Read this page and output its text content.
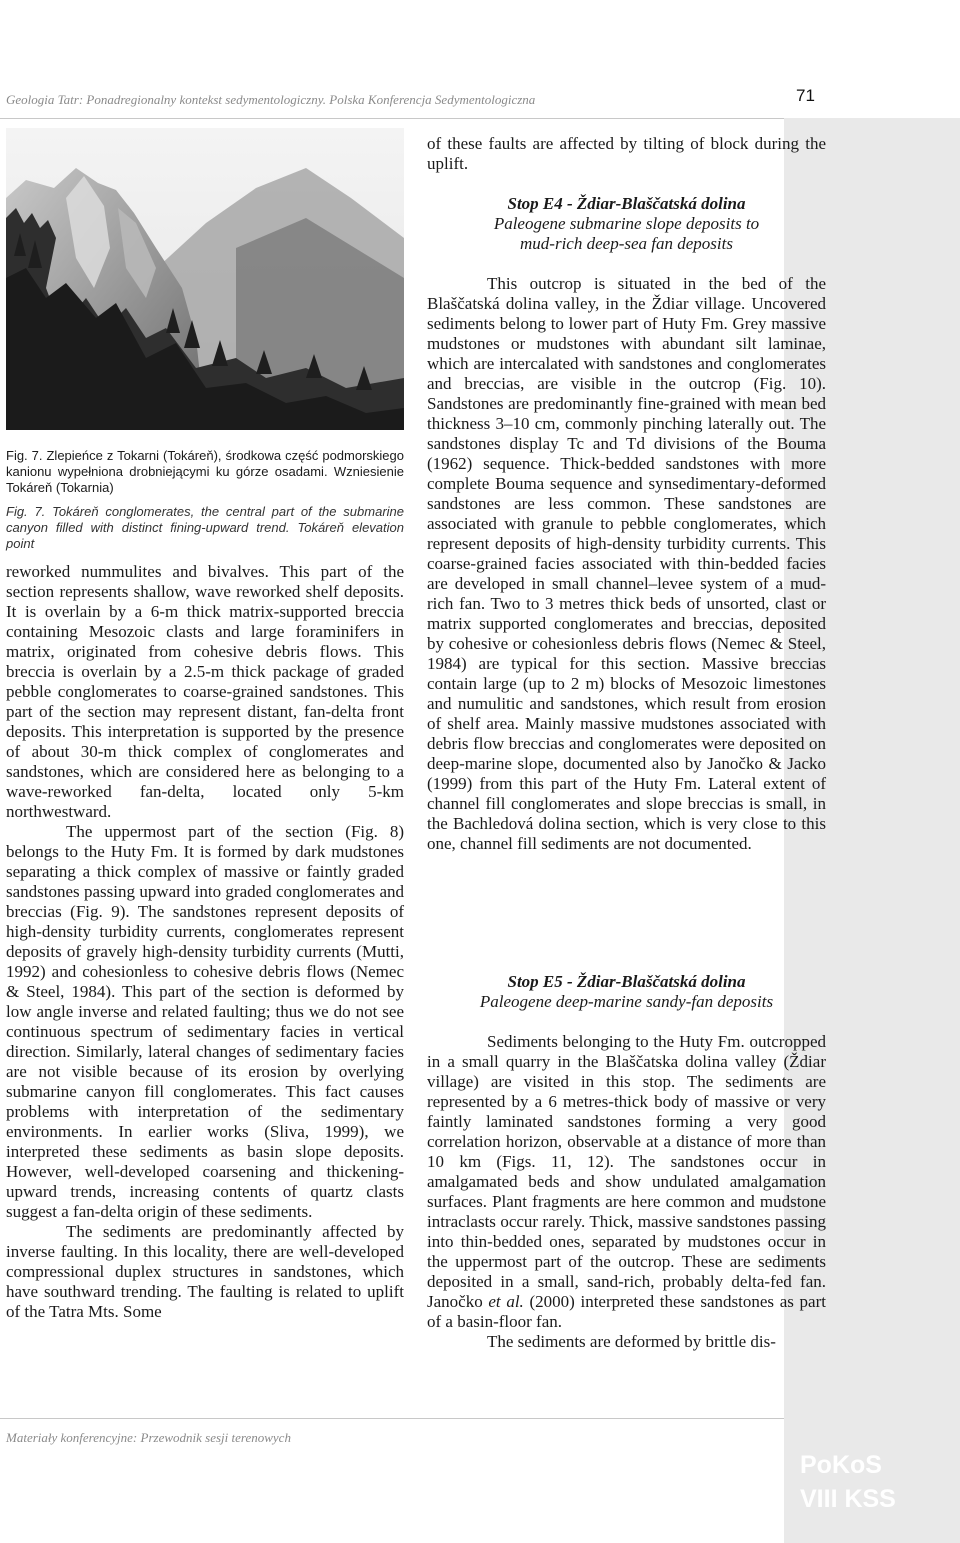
Geologia Tatr: Ponadregionalny kontekst sedymentologiczny. Polska Konferencja Sedymentologiczna	71

Fig. 7. Zlepieńce z Tokarni (Tokáreň), środkowa część podmorskiego kanionu wypełniona drobniejącymi ku górze osadami. Wzniesienie Tokáreň (Tokarnia)

Fig. 7. Tokáreň conglomerates, the central part of the submarine canyon filled with distinct fining-upward trend. Tokáreň elevation point

reworked nummulites and bivalves. This part of the section represents shallow, wave reworked shelf deposits. It is overlain by a 6-m thick matrix-supported breccia containing Mesozoic clasts and large foraminifers in matrix, originated from cohesive debris flows. This breccia is overlain by a 2.5-m thick package of graded pebble conglomerates to coarse-grained sandstones. This part of the section may represent distant, fan-delta front deposits. This interpretation is supported by the presence of about 30-m thick complex of conglomerates and sandstones, which are considered here as belonging to a wave-reworked fan-delta, located only 5-km northwestward.

The uppermost part of the section (Fig. 8) belongs to the Huty Fm. It is formed by dark mudstones separating a thick complex of massive or faintly graded sandstones passing upward into graded conglomerates and breccias (Fig. 9). The sandstones represent deposits of high-density turbidity currents, conglomerates represent deposits of gravely high-density turbidity currents (Mutti, 1992) and cohesionless to cohesive debris flows (Nemec & Steel, 1984). This part of the section is deformed by low angle inverse and related faulting; thus we do not see continuous spectrum of sedimentary facies in vertical direction. Similarly, lateral changes of sedimentary facies are not visible because of its erosion by overlying submarine canyon fill conglomerates. This fact causes problems with interpretation of the sedimentary environments. In earlier works (Sliva, 1999), we interpreted these sediments as basin slope deposits. However, well-developed coarsening and thickening-upward trends, increasing contents of quartz clasts suggest a fan-delta origin of these sediments.

The sediments are predominantly affected by inverse faulting. In this locality, there are well-developed compressional duplex structures in sandstones, which have southward trending. The faulting is related to uplift of the Tatra Mts. Some

of these faults are affected by tilting of block during the uplift.

Stop E4 - Ždiar-Blaščatská dolina

Paleogene submarine slope deposits to

mud-rich deep-sea fan deposits

This outcrop is situated in the bed of the Blaščatská dolina valley, in the Ždiar village. Uncovered sediments belong to lower part of Huty Fm. Grey massive mudstones or mudstones with abundant silt laminae, which are intercalated with sandstones and conglomerates and breccias, are visible in the outcrop (Fig. 10). Sandstones are predominantly fine-grained with mean bed thickness 3–10 cm, commonly pinching laterally out. The sandstones display Tc and Td divisions of the Bouma (1962) sequence. Thick-bedded sandstones with more complete Bouma sequence and synsedimentary-deformed sandstones are less common. These sandstones are associated with granule to pebble conglomerates, which represent deposits of high-density turbidity currents. This coarse-grained facies associated with thin-bedded facies are developed in small channel–levee system of a mud-rich fan. Two to 3 metres thick beds of unsorted, clast or matrix supported conglomerates and breccias, deposited by cohesive or cohesionless debris flows (Nemec & Steel, 1984) are typical for this section. Massive breccias contain large (up to 2 m) blocks of Mesozoic limestones and numulitic and sandstones, which result from erosion of shelf area. Mainly massive mudstones associated with debris flow breccias and conglomerates were deposited on deep-marine slope, documented also by Janočko & Jacko (1999) from this part of the Huty Fm. Lateral extent of channel fill conglomerates and slope breccias is small, in the Bachledová dolina section, which is very close to this one, channel fill sediments are not documented.

Stop E5 - Ždiar-Blaščatská dolina

Paleogene deep-marine sandy-fan deposits

Sediments belonging to the Huty Fm. outcropped in a small quarry in the Blaščatska dolina valley (Ždiar village) are visited in this stop. The sediments are represented by a 6 metres-thick body of massive or very faintly laminated sandstones forming a very good correlation horizon, observable at a distance of more than 10 km (Figs. 11, 12). The sandstones occur in amalgamated beds and show undulated amalgamation surfaces. Plant fragments are here common and mudstone intraclasts occur rarely. Thick, massive sandstones passing into thin-bedded ones, separated by mudstones occur in the uppermost part of the outcrop. These are sediments deposited in a small, sand-rich, probably delta-fed fan. Janočko et al. (2000) interpreted these sandstones as part of a basin-floor fan.

The sediments are deformed by brittle dis-

Materiały konferencyjne: Przewodnik sesji terenowych
PoKoS
VIII KSS
